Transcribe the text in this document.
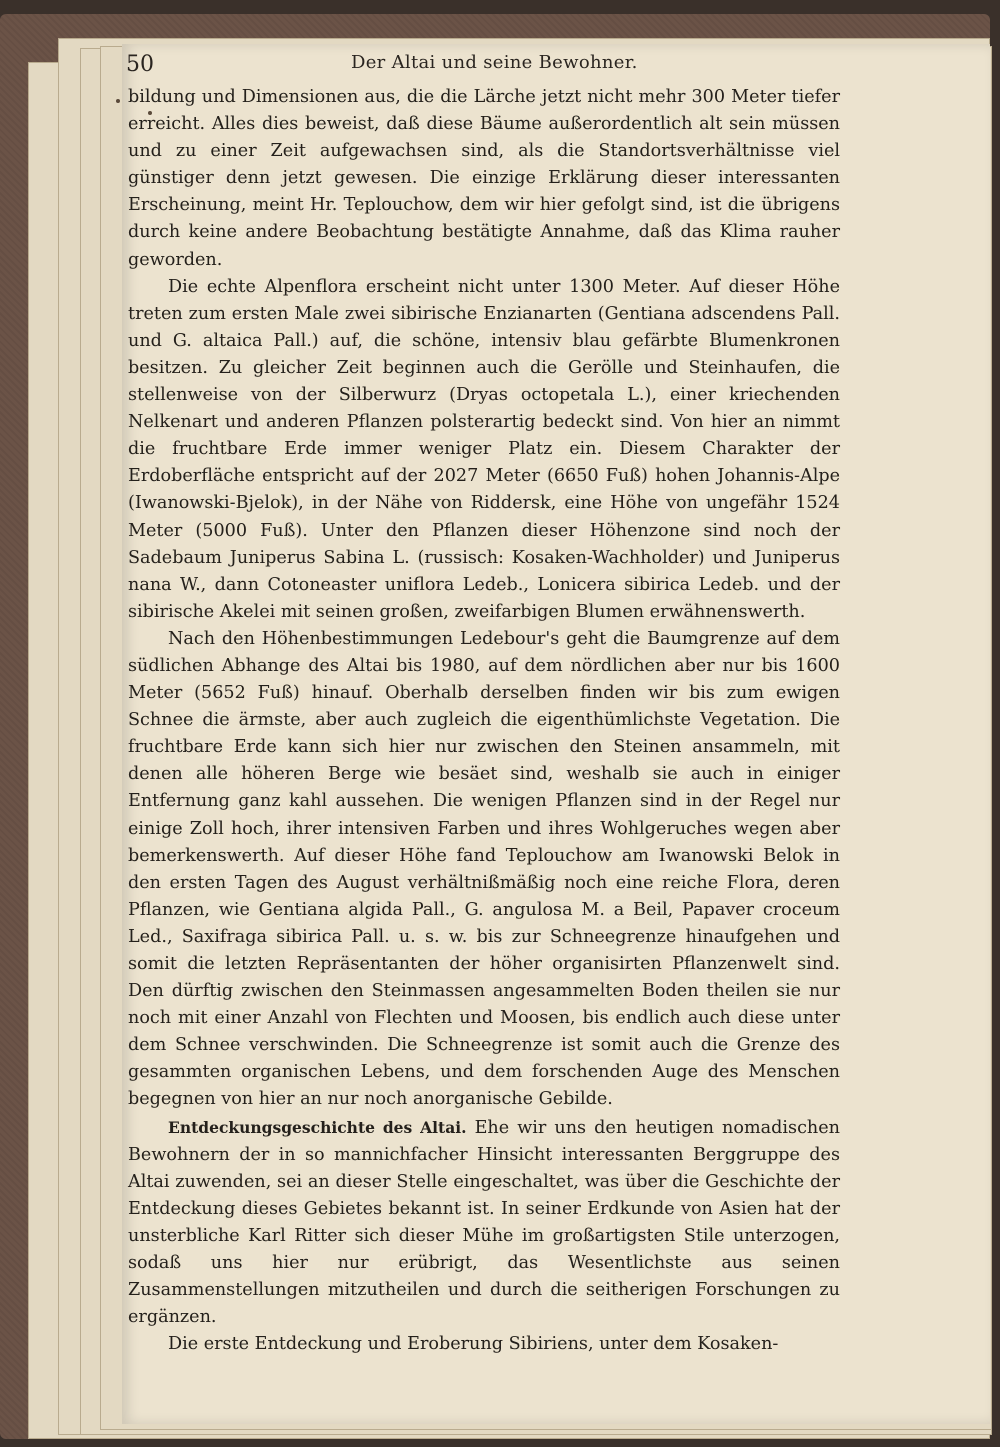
50	Der Altai und seine Bewohner.

bildung und Dimensionen aus, die die Lärche jetzt nicht mehr 300 Meter tiefer erreicht. Alles dies beweist, daß diese Bäume außerordentlich alt sein müssen und zu einer Zeit aufgewachsen sind, als die Standortsverhältnisse viel günstiger denn jetzt gewesen. Die einzige Erklärung dieser interessanten Erscheinung, meint Hr. Teplouchow, dem wir hier gefolgt sind, ist die übrigens durch keine andere Beobachtung bestätigte Annahme, daß das Klima rauher geworden.

Die echte Alpenflora erscheint nicht unter 1300 Meter. Auf dieser Höhe treten zum ersten Male zwei sibirische Enzianarten (Gentiana adscendens Pall. und G. altaica Pall.) auf, die schöne, intensiv blau gefärbte Blumenkronen besitzen. Zu gleicher Zeit beginnen auch die Gerölle und Steinhaufen, die stellenweise von der Silberwurz (Dryas octopetala L.), einer kriechenden Nelkenart und anderen Pflanzen polsterartig bedeckt sind. Von hier an nimmt die fruchtbare Erde immer weniger Platz ein. Diesem Charakter der Erdoberfläche entspricht auf der 2027 Meter (6650 Fuß) hohen Johannis-Alpe (Iwanowski-Bjelok), in der Nähe von Riddersk, eine Höhe von ungefähr 1524 Meter (5000 Fuß). Unter den Pflanzen dieser Höhenzone sind noch der Sadebaum Juniperus Sabina L. (russisch: Kosaken-Wachholder) und Juniperus nana W., dann Cotoneaster uniflora Ledeb., Lonicera sibirica Ledeb. und der sibirische Akelei mit seinen großen, zweifarbigen Blumen erwähnenswerth.

Nach den Höhenbestimmungen Ledebour's geht die Baumgrenze auf dem südlichen Abhange des Altai bis 1980, auf dem nördlichen aber nur bis 1600 Meter (5652 Fuß) hinauf. Oberhalb derselben finden wir bis zum ewigen Schnee die ärmste, aber auch zugleich die eigenthümlichste Vegetation. Die fruchtbare Erde kann sich hier nur zwischen den Steinen ansammeln, mit denen alle höheren Berge wie besäet sind, weshalb sie auch in einiger Entfernung ganz kahl aussehen. Die wenigen Pflanzen sind in der Regel nur einige Zoll hoch, ihrer intensiven Farben und ihres Wohlgeruches wegen aber bemerkenswerth. Auf dieser Höhe fand Teplouchow am Iwanowski Belok in den ersten Tagen des August verhältnißmäßig noch eine reiche Flora, deren Pflanzen, wie Gentiana algida Pall., G. angulosa M. a Beil, Papaver croceum Led., Saxifraga sibirica Pall. u. s. w. bis zur Schneegrenze hinaufgehen und somit die letzten Repräsentanten der höher organisirten Pflanzenwelt sind. Den dürftig zwischen den Steinmassen angesammelten Boden theilen sie nur noch mit einer Anzahl von Flechten und Moosen, bis endlich auch diese unter dem Schnee verschwinden. Die Schneegrenze ist somit auch die Grenze des gesammten organischen Lebens, und dem forschenden Auge des Menschen begegnen von hier an nur noch anorganische Gebilde.

Entdeckungsgeschichte des Altai. Ehe wir uns den heutigen nomadischen Bewohnern der in so mannichfacher Hinsicht interessanten Berggruppe des Altai zuwenden, sei an dieser Stelle eingeschaltet, was über die Geschichte der Entdeckung dieses Gebietes bekannt ist. In seiner Erdkunde von Asien hat der unsterbliche Karl Ritter sich dieser Mühe im großartigsten Stile unterzogen, sodaß uns hier nur erübrigt, das Wesentlichste aus seinen Zusammenstellungen mitzutheilen und durch die seitherigen Forschungen zu ergänzen.

Die erste Entdeckung und Eroberung Sibiriens, unter dem Kosaken-
